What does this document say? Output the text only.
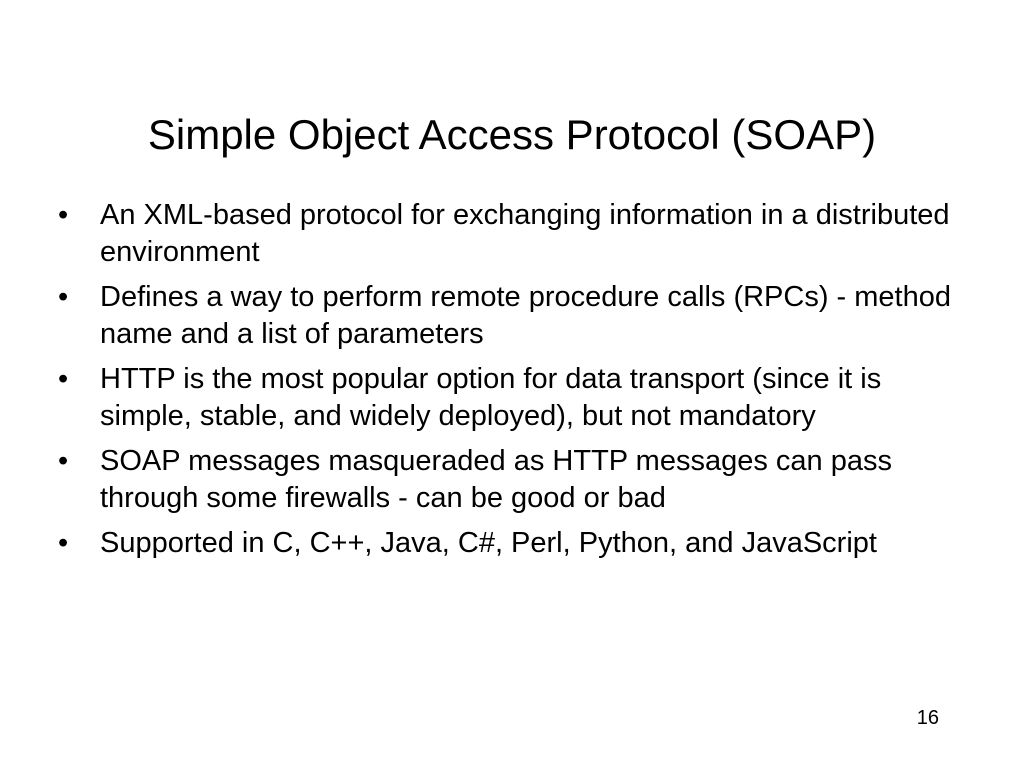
Simple Object Access Protocol (SOAP)
•	An XML-based protocol for exchanging information in a distributed environment
•	Defines a way to perform remote procedure calls (RPCs) - method name and a list of parameters
•	HTTP is the most popular option for data transport (since it is simple, stable, and widely deployed), but not mandatory
•	SOAP messages masqueraded as HTTP messages can pass through some firewalls - can be good or bad
•	Supported in C, C++, Java, C#, Perl, Python, and JavaScript
16
